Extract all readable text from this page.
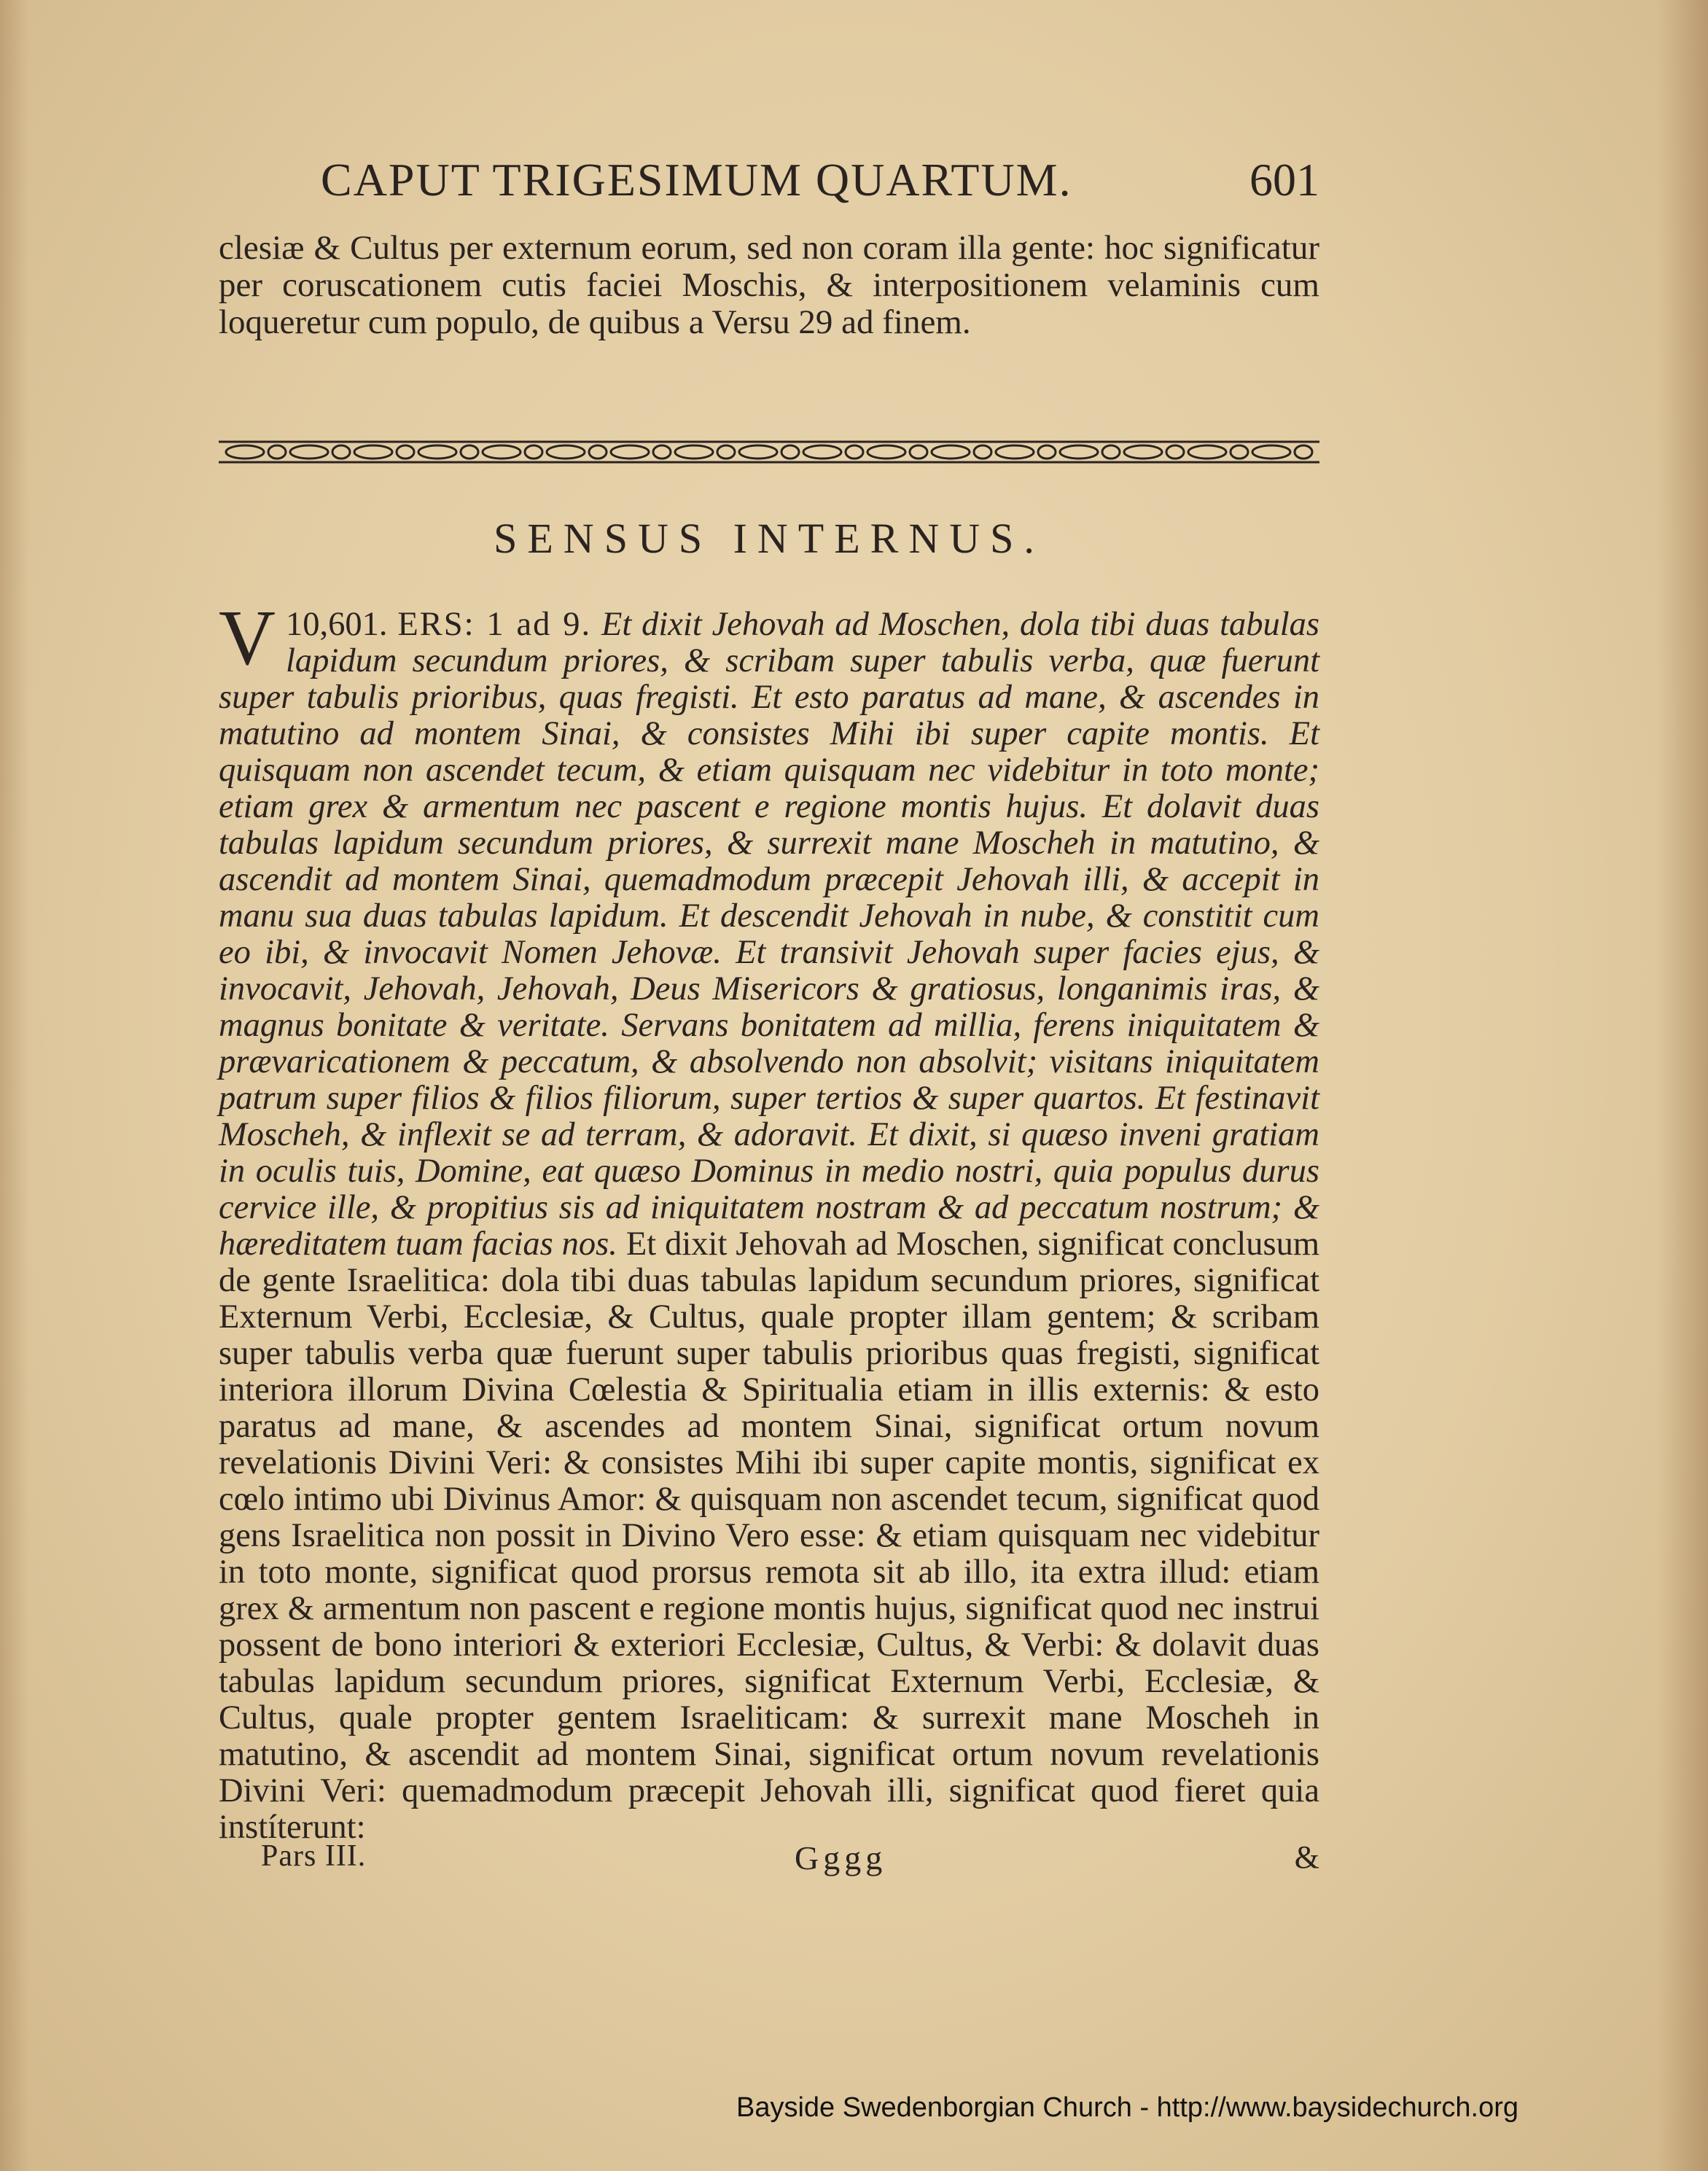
CAPUT TRIGESIMUM QUARTUM.	601
clesiæ & Cultus per externum eorum, sed non coram illa gente: hoc significatur per coruscationem cutis faciei Moschis, & interpositionem velaminis cum loqueretur cum populo, de quibus a Versu 29 ad finem.
SENSUS INTERNUS.
10,601.
V	ERS: 1 ad 9. Et dixit Jehovah ad Moschen, dola tibi duas tabulas lapidum secundum priores, & scribam super tabulis verba, quæ fuerunt super tabulis prioribus, quas fregisti. Et esto paratus ad mane, & ascendes in matutino ad montem Sinai, & consistes Mihi ibi super capite montis. Et quisquam non ascendet tecum, & etiam quisquam nec videbitur in toto monte; etiam grex & armentum nec pascent e regione montis hujus. Et dolavit duas tabulas lapidum secundum priores, & surrexit mane Moscheh in matutino, & ascendit ad montem Sinai, quemadmodum præcepit Jehovah illi, & accepit in manu sua duas tabulas lapidum. Et descendit Jehovah in nube, & constitit cum eo ibi, & invocavit Nomen Jehovæ. Et transivit Jehovah super facies ejus, & invocavit, Jehovah, Jehovah, Deus Misericors & gratiosus, longanimis iras, & magnus bonitate & veritate. Servans bonitatem ad millia, ferens iniquitatem & prævaricationem & peccatum, & absolvendo non absolvit; visitans iniquitatem patrum super filios & filios filiorum, super tertios & super quartos. Et festinavit Moscheh, & inflexit se ad terram, & adoravit. Et dixit, si quæso inveni gratiam in oculis tuis, Domine, eat quæso Dominus in medio nostri, quia populus durus cervice ille, & propitius sis ad iniquitatem nostram & ad peccatum nostrum; & hæreditatem tuam facias nos. Et dixit Jehovah ad Moschen, significat conclusum de gente Israelitica: dola tibi duas tabulas lapidum secundum priores, significat Externum Verbi, Ecclesiæ, & Cultus, quale propter illam gentem; & scribam super tabulis verba quæ fuerunt super tabulis prioribus quas fregisti, significat interiora illorum Divina Cœlestia & Spiritualia etiam in illis externis: & esto paratus ad mane, & ascendes ad montem Sinai, significat ortum novum revelationis Divini Veri: & consistes Mihi ibi super capite montis, significat ex cœlo intimo ubi Divinus Amor: & quisquam non ascendet tecum, significat quod gens Israelitica non possit in Divino Vero esse: & etiam quisquam nec videbitur in toto monte, significat quod prorsus remota sit ab illo, ita extra illud: etiam grex & armentum non pascent e regione montis hujus, significat quod nec instrui possent de bono interiori & exteriori Ecclesiæ, Cultus, & Verbi: & dolavit duas tabulas lapidum secundum priores, significat Externum Verbi, Ecclesiæ, & Cultus, quale propter gentem Israeliticam: & surrexit mane Moscheh in matutino, & ascendit ad montem Sinai, significat ortum novum revelationis Divini Veri: quemadmodum præcepit Jehovah illi, significat quod fieret quia instíterunt:
Pars III.	Gggg	&
Bayside Swedenborgian Church - http://www.baysidechurch.org
